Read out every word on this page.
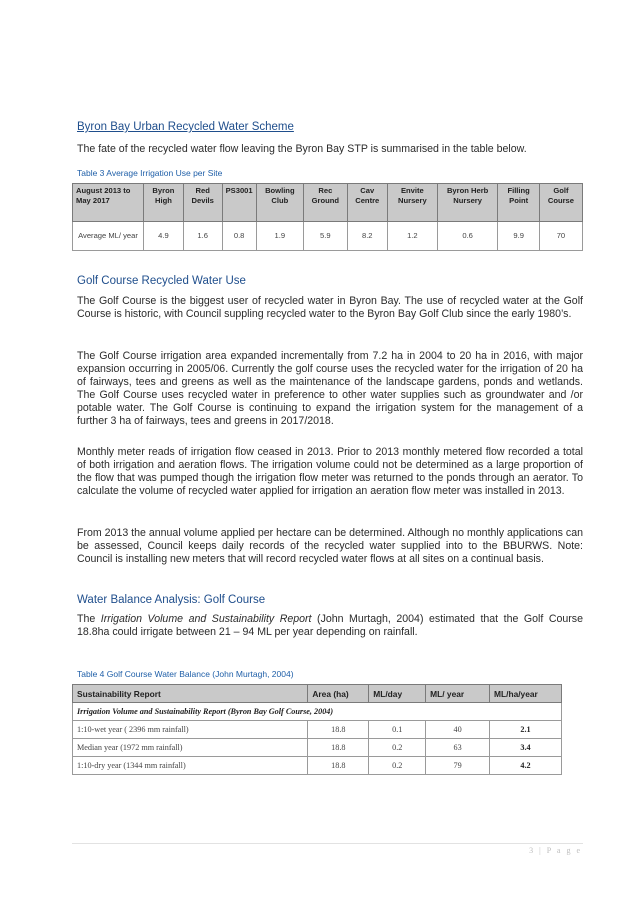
Byron Bay Urban Recycled Water Scheme

The fate of the recycled water flow leaving the Byron Bay STP is summarised in the table below.

Table 3 Average Irrigation Use per Site

August 2013 to May 2017	Byron High	Red Devils	PS3001	Bowling Club	Rec Ground	Cav Centre	Envite Nursery	Byron Herb Nursery	Filling Point	Golf Course
Average ML/ year	4.9	1.6	0.8	1.9	5.9	8.2	1.2	0.6	9.9	70
Golf Course Recycled Water Use

The Golf Course is the biggest user of recycled water in Byron Bay. The use of recycled water at the Golf Course is historic, with Council suppling recycled water to the Byron Bay Golf Club since the early 1980’s.

The Golf Course irrigation area expanded incrementally from 7.2 ha in 2004 to 20 ha in 2016, with major expansion occurring in 2005/06. Currently the golf course uses the recycled water for the irrigation of 20 ha of fairways, tees and greens as well as the maintenance of the landscape gardens, ponds and wetlands. The Golf Course uses recycled water in preference to other water supplies such as groundwater and /or potable water. The Golf Course is continuing to expand the irrigation system for the management of a further 3 ha of fairways, tees and greens in 2017/2018.

Monthly meter reads of irrigation flow ceased in 2013. Prior to 2013 monthly metered flow recorded a total of both irrigation and aeration flows. The irrigation volume could not be determined as a large proportion of the flow that was pumped though the irrigation flow meter was returned to the ponds through an aerator. To calculate the volume of recycled water applied for irrigation an aeration flow meter was installed in 2013.

From 2013 the annual volume applied per hectare can be determined. Although no monthly applications can be assessed, Council keeps daily records of the recycled water supplied into to the BBURWS. Note: Council is installing new meters that will record recycled water flows at all sites on a continual basis.

Water Balance Analysis: Golf Course

The Irrigation Volume and Sustainability Report (John Murtagh, 2004) estimated that the Golf Course 18.8ha could irrigate between 21 – 94 ML per year depending on rainfall.

Table 4 Golf Course Water Balance (John Murtagh, 2004)

Sustainability Report	Area (ha)	ML/day	ML/ year	ML/ha/year
Irrigation Volume and Sustainability Report (Byron Bay Golf Course, 2004)				
1:10-wet year ( 2396 mm rainfall)	18.8	0.1	40	2.1
Median year (1972 mm rainfall)	18.8	0.2	63	3.4
1:10-dry year (1344 mm rainfall)	18.8	0.2	79	4.2
3 | P a g e
